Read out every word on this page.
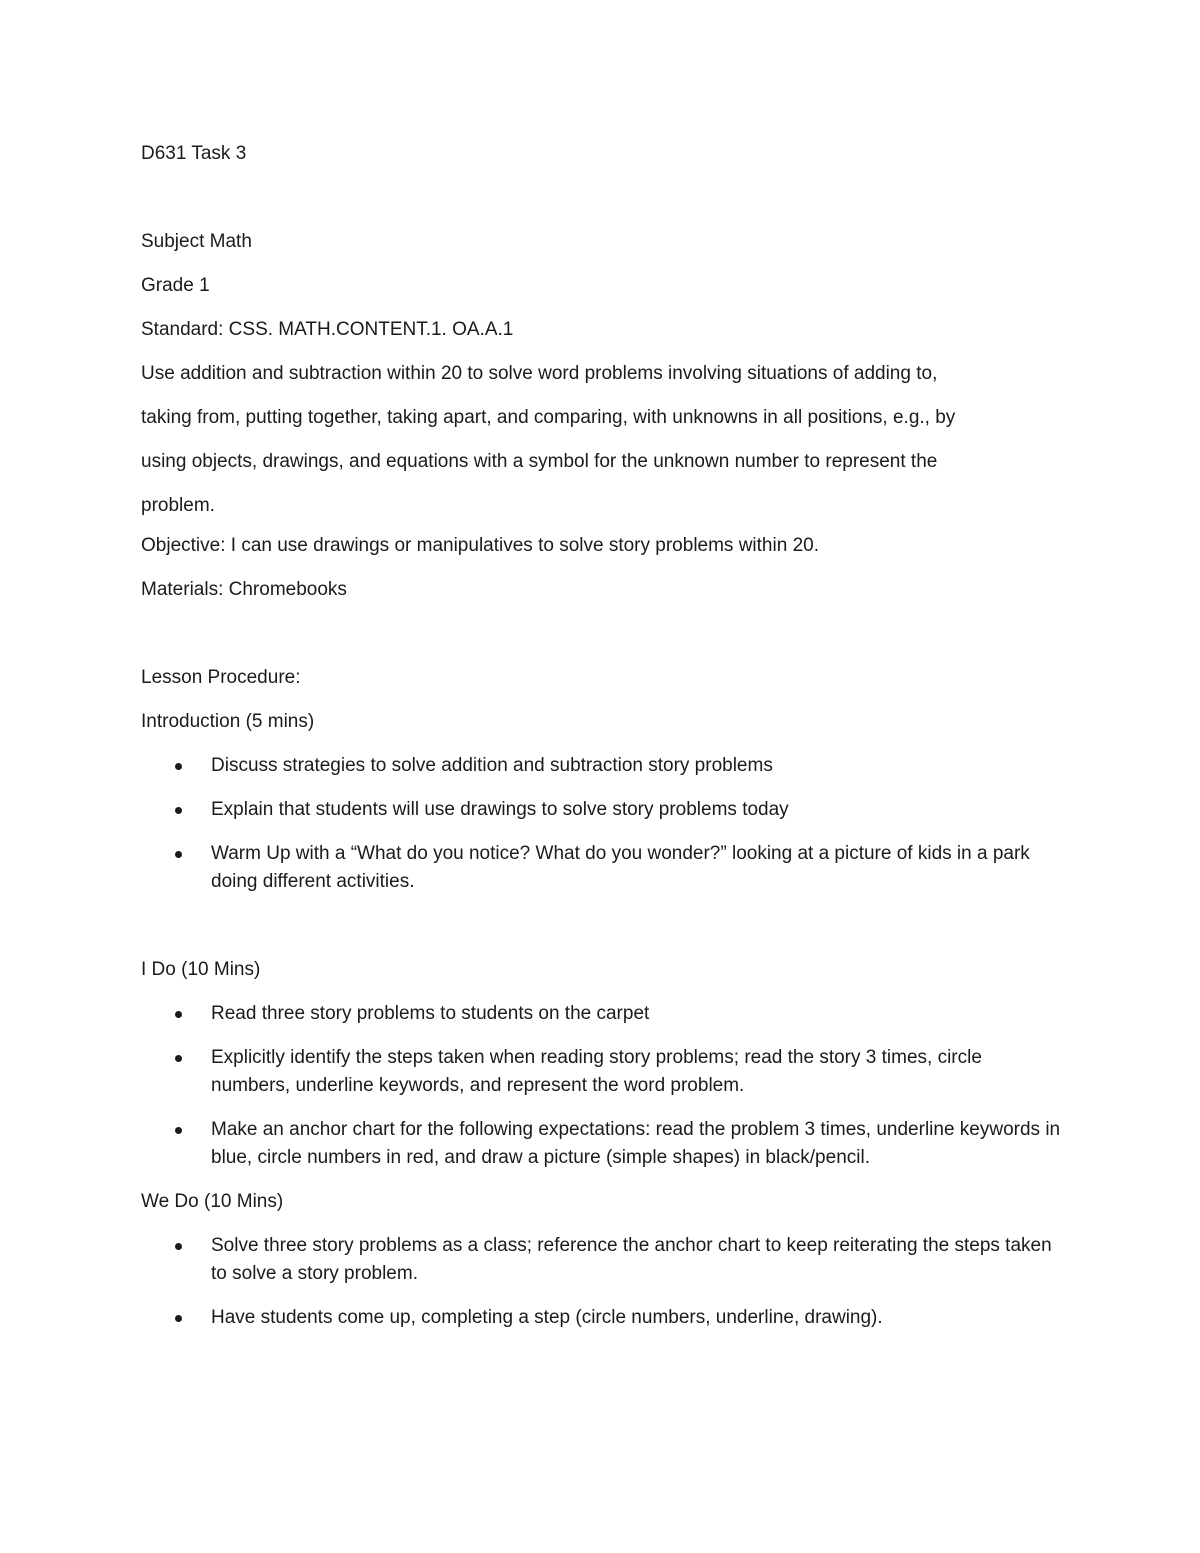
D631 Task 3

Subject Math

Grade 1

Standard: CSS. MATH.CONTENT.1. OA.A.1

Use addition and subtraction within 20 to solve word problems involving situations of adding to,

taking from, putting together, taking apart, and comparing, with unknowns in all positions, e.g., by

using objects, drawings, and equations with a symbol for the unknown number to represent the

problem.

Objective: I can use drawings or manipulatives to solve story problems within 20.

Materials: Chromebooks

Lesson Procedure:

Introduction (5 mins)

Discuss strategies to solve addition and subtraction story problems
Explain that students will use drawings to solve story problems today
Warm Up with a “What do you notice? What do you wonder?” looking at a picture of kids in a park doing different activities.

I Do (10 Mins)

Read three story problems to students on the carpet
Explicitly identify the steps taken when reading story problems; read the story 3 times, circle numbers, underline keywords, and represent the word problem.
Make an anchor chart for the following expectations: read the problem 3 times, underline keywords in blue, circle numbers in red, and draw a picture (simple shapes) in black/pencil.

We Do (10 Mins)

Solve three story problems as a class; reference the anchor chart to keep reiterating the steps taken to solve a story problem.
Have students come up, completing a step (circle numbers, underline, drawing).
